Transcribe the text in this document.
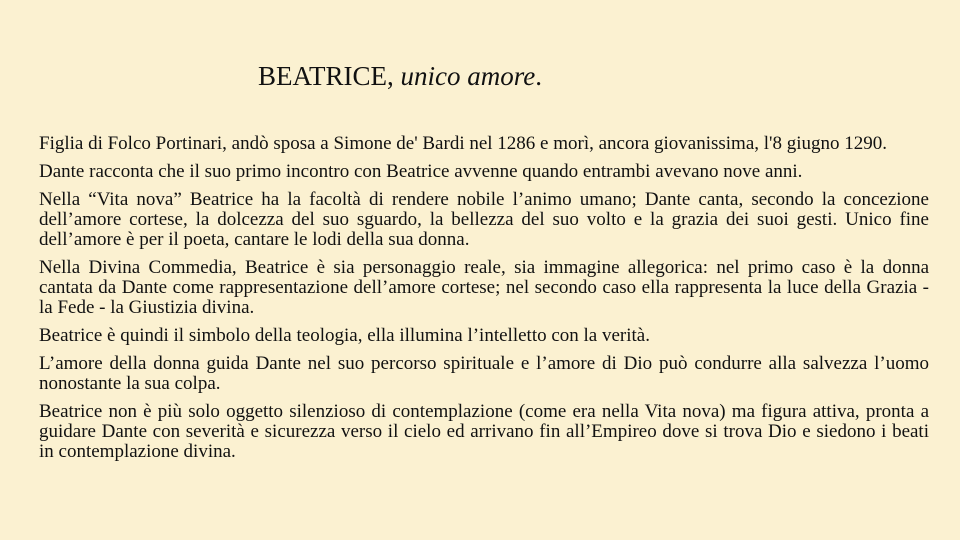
BEATRICE, unico amore.

Figlia di Folco Portinari, andò sposa a Simone de' Bardi nel 1286 e morì, ancora giovanissima, l'8 giugno 1290.

Dante racconta che il suo primo incontro con Beatrice avvenne quando entrambi avevano nove anni.

Nella “Vita nova” Beatrice ha la facoltà di rendere nobile l’animo umano; Dante canta, secondo la concezione dell’amore cortese, la dolcezza del suo sguardo, la bellezza del suo volto e la grazia dei suoi gesti. Unico fine dell’amore è per il poeta, cantare le lodi della sua donna.

Nella Divina Commedia, Beatrice è sia personaggio reale, sia immagine allegorica: nel primo caso è la donna cantata da Dante come rappresentazione dell’amore cortese; nel secondo caso ella rappresenta la luce della Grazia - la Fede - la Giustizia divina.

Beatrice è quindi il simbolo della teologia, ella illumina l’intelletto con la verità.

L’amore della donna guida Dante nel suo percorso spirituale e l’amore di Dio può condurre alla salvezza l’uomo nonostante la sua colpa.

Beatrice non è più solo oggetto silenzioso di contemplazione (come era nella Vita nova) ma figura attiva, pronta a guidare Dante con severità e sicurezza verso il cielo ed arrivano fin all’Empireo dove si trova Dio e siedono i beati in contemplazione divina.
